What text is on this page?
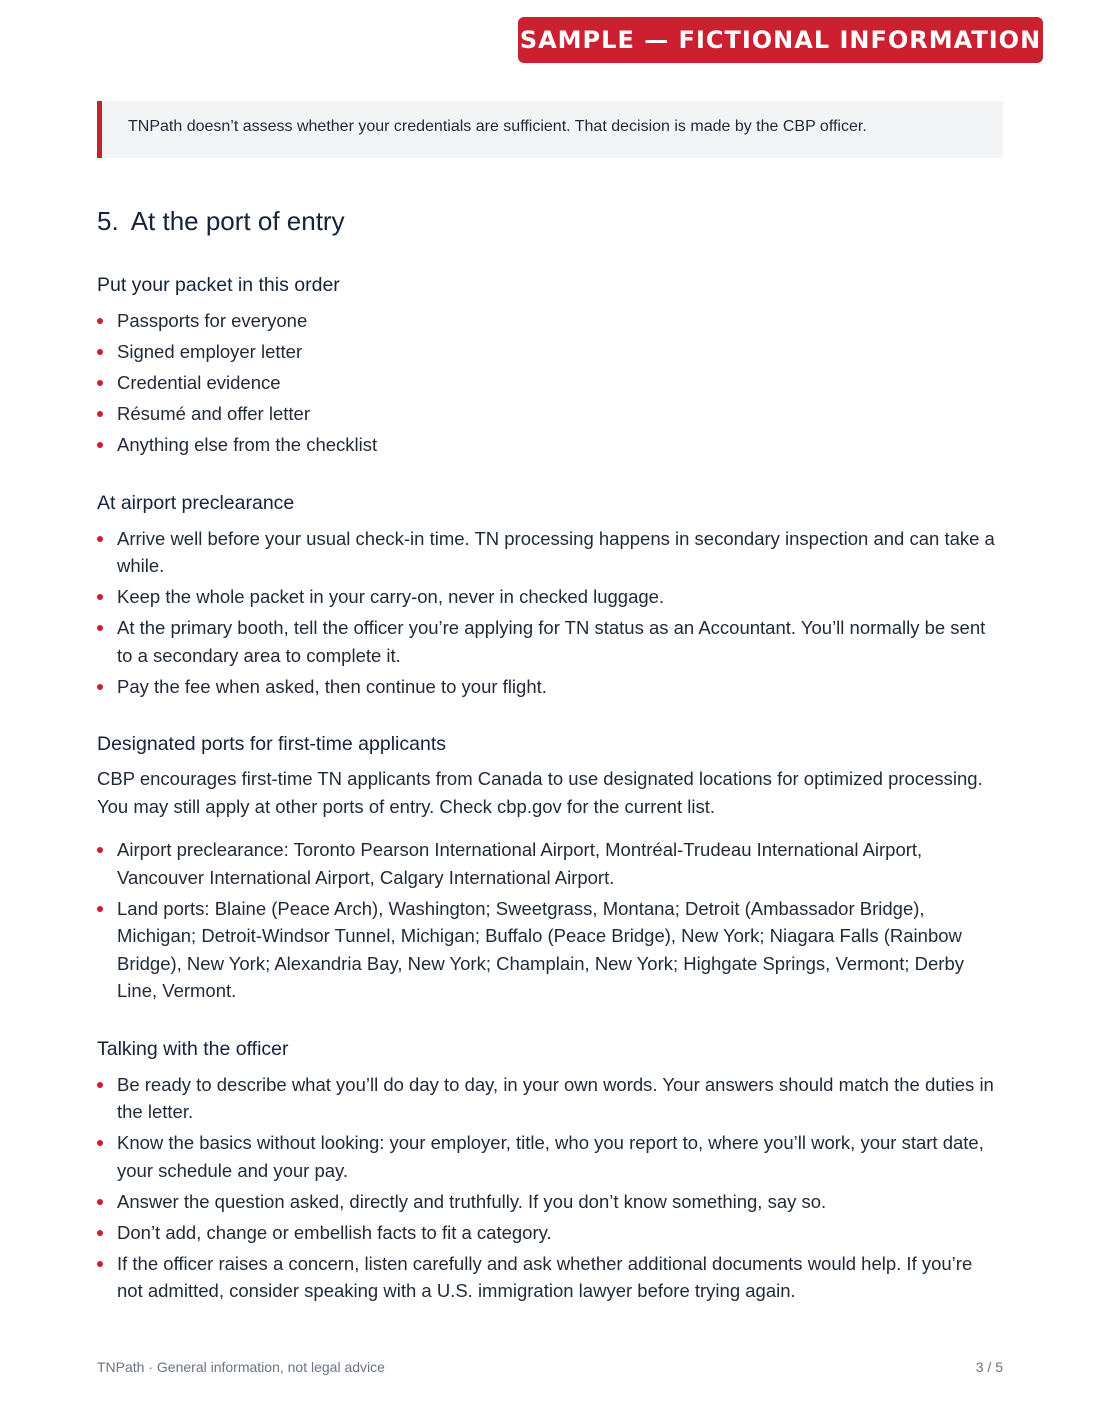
SAMPLE — FICTIONAL INFORMATION
TNPath doesn’t assess whether your credentials are sufficient. That decision is made by the CBP officer.
5. At the port of entry
Put your packet in this order
Passports for everyone
Signed employer letter
Credential evidence
Résumé and offer letter
Anything else from the checklist
At airport preclearance
Arrive well before your usual check-in time. TN processing happens in secondary inspection and can take a while.
Keep the whole packet in your carry-on, never in checked luggage.
At the primary booth, tell the officer you’re applying for TN status as an Accountant. You’ll normally be sent to a secondary area to complete it.
Pay the fee when asked, then continue to your flight.
Designated ports for first-time applicants

CBP encourages first-time TN applicants from Canada to use designated locations for optimized processing. You may still apply at other ports of entry. Check cbp.gov for the current list.

Airport preclearance: Toronto Pearson International Airport, Montréal-Trudeau International Airport, Vancouver International Airport, Calgary International Airport.
Land ports: Blaine (Peace Arch), Washington; Sweetgrass, Montana; Detroit (Ambassador Bridge), Michigan; Detroit-Windsor Tunnel, Michigan; Buffalo (Peace Bridge), New York; Niagara Falls (Rainbow Bridge), New York; Alexandria Bay, New York; Champlain, New York; Highgate Springs, Vermont; Derby Line, Vermont.
Talking with the officer
Be ready to describe what you’ll do day to day, in your own words. Your answers should match the duties in the letter.
Know the basics without looking: your employer, title, who you report to, where you’ll work, your start date, your schedule and your pay.
Answer the question asked, directly and truthfully. If you don’t know something, say so.
Don’t add, change or embellish facts to fit a category.
If the officer raises a concern, listen carefully and ask whether additional documents would help. If you’re not admitted, consider speaking with a U.S. immigration lawyer before trying again.
TNPath · General information, not legal advice	3 / 5
